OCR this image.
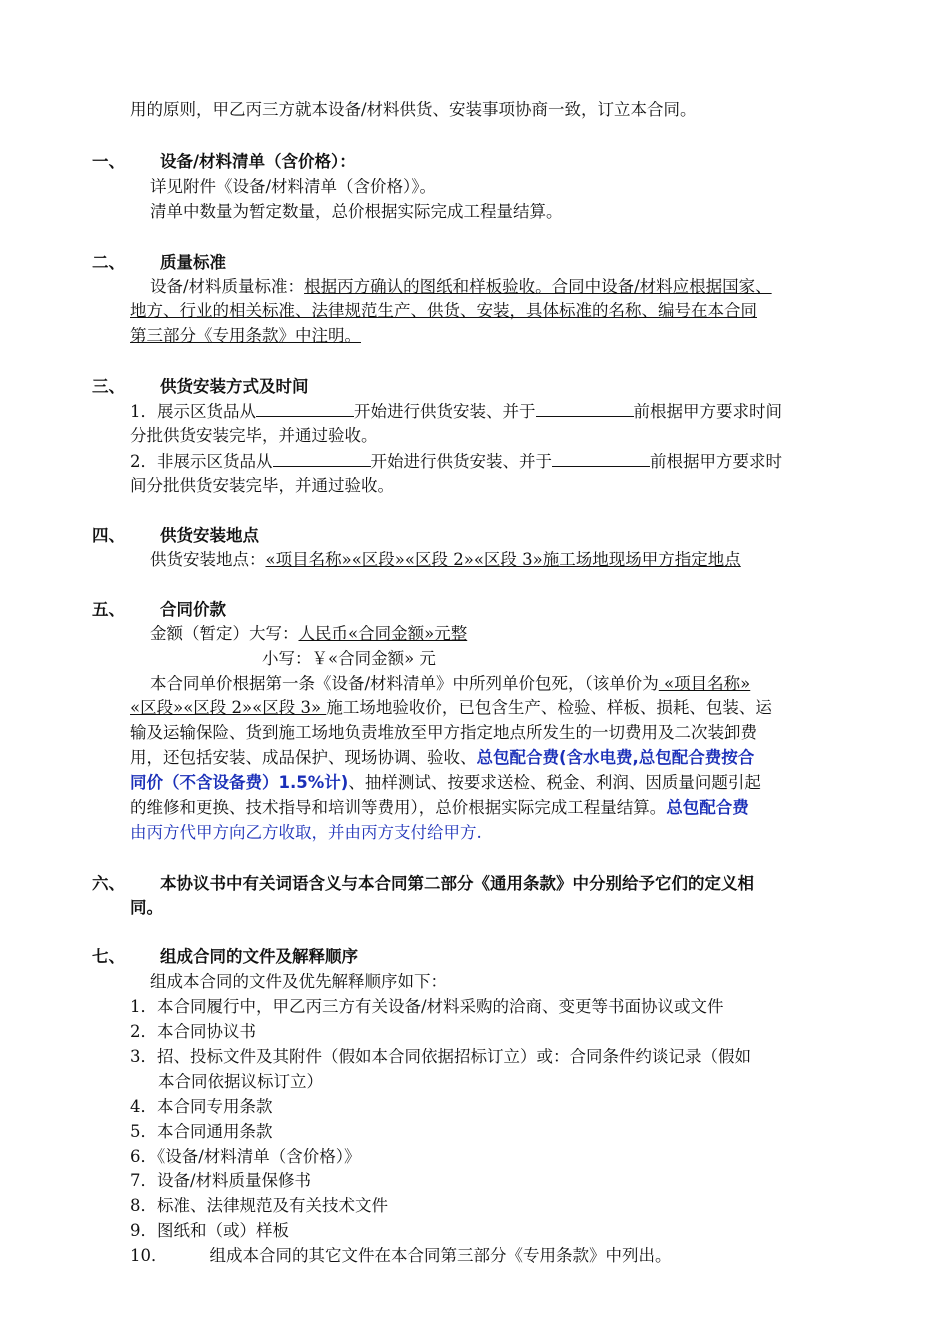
用的原则，甲乙丙三方就本设备/材料供货、安装事项协商一致，订立本合同。
一、 设备/材料清单（含价格）：
详见附件《设备/材料清单（含价格）》。
清单中数量为暂定数量，总价根据实际完成工程量结算。
二、 质量标准
设备/材料质量标准：根据丙方确认的图纸和样板验收。合同中设备/材料应根据国家、
地方、行业的相关标准、法律规范生产、供货、安装，具体标准的名称、编号在本合同
第三部分《专用条款》中注明。
三、 供货安装方式及时间
1．展示区货品从	开始进行供货安装、并于	前根据甲方要求时间
分批供货安装完毕，并通过验收。
2．非展示区货品从	开始进行供货安装、并于	前根据甲方要求时
间分批供货安装完毕，并通过验收。
四、 供货安装地点
供货安装地点：«项目名称»«区段»«区段 2»«区段 3»施工场地现场甲方指定地点
五、 合同价款
金额（暂定）大写：人民币«合同金额»元整
小写：￥«合同金额» 元
本合同单价根据第一条《设备/材料清单》中所列单价包死，（该单价为 «项目名称»
«区段»«区段 2»«区段 3» 施工场地验收价，已包含生产、检验、样板、损耗、包装、运
输及运输保险、货到施工场地负责堆放至甲方指定地点所发生的一切费用及二次装卸费
用，还包括安装、成品保护、现场协调、验收、总包配合费(含水电费,总包配合费按合
同价（不含设备费）1.5%计)、抽样测试、按要求送检、税金、利润、因质量问题引起
的维修和更换、技术指导和培训等费用），总价根据实际完成工程量结算。总包配合费
由丙方代甲方向乙方收取，并由丙方支付给甲方.
六、 本协议书中有关词语含义与本合同第二部分《通用条款》中分别给予它们的定义相
同。
七、 组成合同的文件及解释顺序
组成本合同的文件及优先解释顺序如下：
1．本合同履行中，甲乙丙三方有关设备/材料采购的洽商、变更等书面协议或文件
2．本合同协议书
3．招、投标文件及其附件（假如本合同依据招标订立）或：合同条件约谈记录（假如
本合同依据议标订立）
4．本合同专用条款
5．本合同通用条款
6．《设备/材料清单（含价格）》
7．设备/材料质量保修书
8．标准、法律规范及有关技术文件
9．图纸和（或）样板
10．	组成本合同的其它文件在本合同第三部分《专用条款》中列出。
